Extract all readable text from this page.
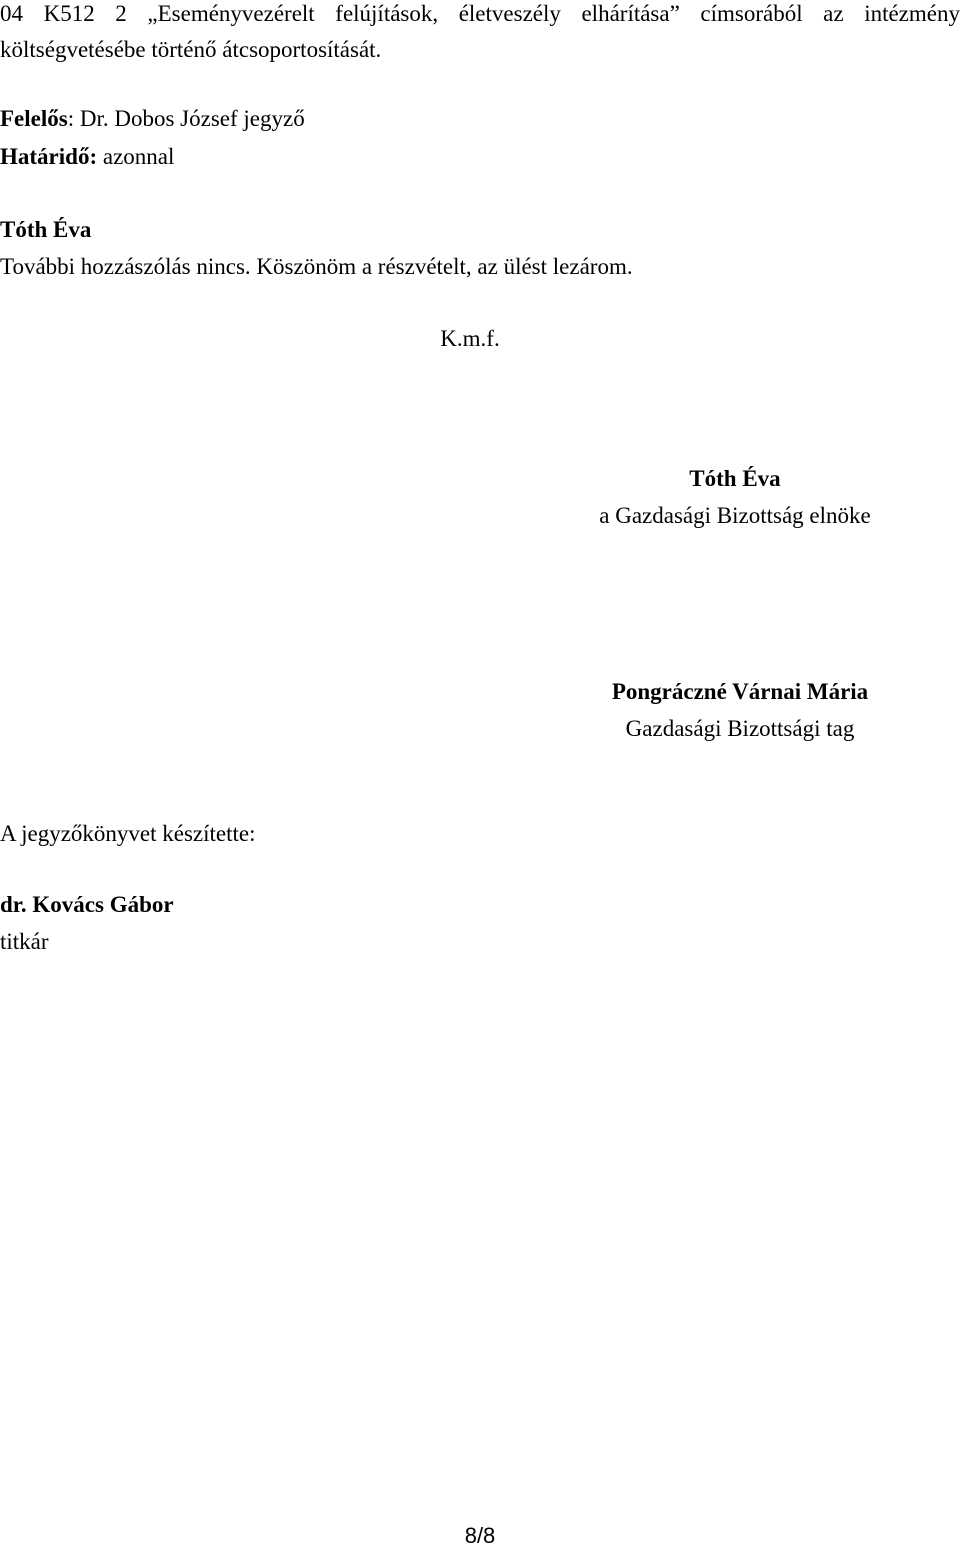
04 K512 2 „Eseményvezérelt felújítások, életveszély elhárítása” címsorából az intézmény
költségvetésébe történő átcsoportosítását.
Felelős: Dr. Dobos József jegyző
Határidő: azonnal
Tóth Éva
További hozzászólás nincs. Köszönöm a részvételt, az ülést lezárom.
K.m.f.
Tóth Éva
a Gazdasági Bizottság elnöke
Pongráczné Várnai Mária
Gazdasági Bizottsági tag
A jegyzőkönyvet készítette:
dr. Kovács Gábor
titkár
8/8
